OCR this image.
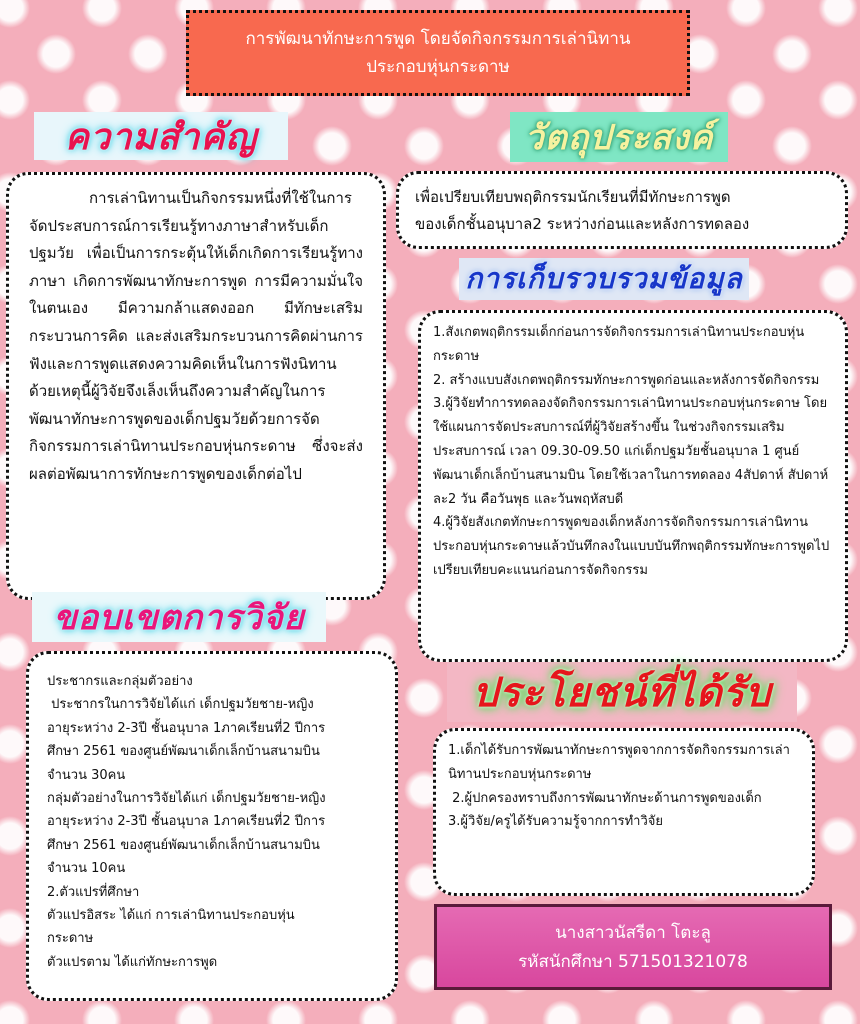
การพัฒนาทักษะการพูด โดยจัดกิจกรรมการเล่านิทาน
ประกอบหุ่นกระดาษ
ความสำคัญ

การเล่านิทานเป็นกิจกรรมหนึ่งที่ใช้ในการจัดประสบการณ์การเรียนรู้ทางภาษาสำหรับเด็กปฐมวัย เพื่อเป็นการกระตุ้นให้เด็กเกิดการเรียนรู้ทางภาษา เกิดการพัฒนาทักษะการพูด การมีความมั่นใจในตนเอง มีความกล้าแสดงออก มีทักษะเสริมกระบวนการคิด และส่งเสริมกระบวนการคิดผ่านการฟังและการพูดแสดงความคิดเห็นในการฟังนิทาน ด้วยเหตุนี้ผู้วิจัยจึงเล็งเห็นถึงความสำคัญในการพัฒนาทักษะการพูดของเด็กปฐมวัยด้วยการจัดกิจกรรมการเล่านิทานประกอบหุ่นกระดาษ ซึ่งจะส่งผลต่อพัฒนาการทักษะการพูดของเด็กต่อไป

วัตถุประสงค์
เพื่อเปรียบเทียบพฤติกรรมนักเรียนที่มีทักษะการพูด
ของเด็กชั้นอนุบาล2 ระหว่างก่อนและหลังการทดลอง
การเก็บรวบรวมข้อมูล
1.สังเกตพฤติกรรมเด็กก่อนการจัดกิจกรรมการเล่านิทานประกอบหุ่นกระดาษ
2. สร้างแบบสังเกตพฤติกรรมทักษะการพูดก่อนและหลังการจัดกิจกรรม
3.ผู้วิจัยทำการทดลองจัดกิจกรรมการเล่านิทานประกอบหุ่นกระดาษ โดยใช้แผนการจัดประสบการณ์ที่ผู้วิจัยสร้างขึ้น ในช่วงกิจกรรมเสริมประสบการณ์ เวลา 09.30-09.50 แก่เด็กปฐมวัยชั้นอนุบาล 1 ศูนย์พัฒนาเด็กเล็กบ้านสนามบิน โดยใช้เวลาในการทดลอง 4สัปดาห์ สัปดาห์ละ2 วัน คือวันพุธ และวันพฤหัสบดี
4.ผู้วิจัยสังเกตทักษะการพูดของเด็กหลังการจัดกิจกรรมการเล่านิทานประกอบหุ่นกระดาษแล้วบันทึกลงในแบบบันทึกพฤติกรรมทักษะการพูดไปเปรียบเทียบคะแนนก่อนการจัดกิจกรรม
ขอบเขตการวิจัย
ประชากรและกลุ่มตัวอย่าง
ประชากรในการวิจัยได้แก่ เด็กปฐมวัยชาย-หญิง
อายุระหว่าง 2-3ปี ชั้นอนุบาล 1ภาคเรียนที่2 ปีการ
ศึกษา 2561 ของศูนย์พัฒนาเด็กเล็กบ้านสนามบิน
จำนวน 30คน
กลุ่มตัวอย่างในการวิจัยได้แก่ เด็กปฐมวัยชาย-หญิง
อายุระหว่าง 2-3ปี ชั้นอนุบาล 1ภาคเรียนที่2 ปีการ
ศึกษา 2561 ของศูนย์พัฒนาเด็กเล็กบ้านสนามบิน
จำนวน 10คน
2.ตัวแปรที่ศึกษา
ตัวแปรอิสระ ได้แก่ การเล่านิทานประกอบหุ่น
กระดาษ
ตัวแปรตาม ได้แก่ทักษะการพูด
ประโยชน์ที่ได้รับ
1.เด็กได้รับการพัฒนาทักษะการพูดจากการจัดกิจกรรมการเล่านิทานประกอบหุ่นกระดาษ
2.ผู้ปกครองทราบถึงการพัฒนาทักษะด้านการพูดของเด็ก
3.ผู้วิจัย/ครูได้รับความรู้จากการทำวิจัย
นางสาวนัสรีดา โตะลู
รหัสนักศึกษา 571501321078
